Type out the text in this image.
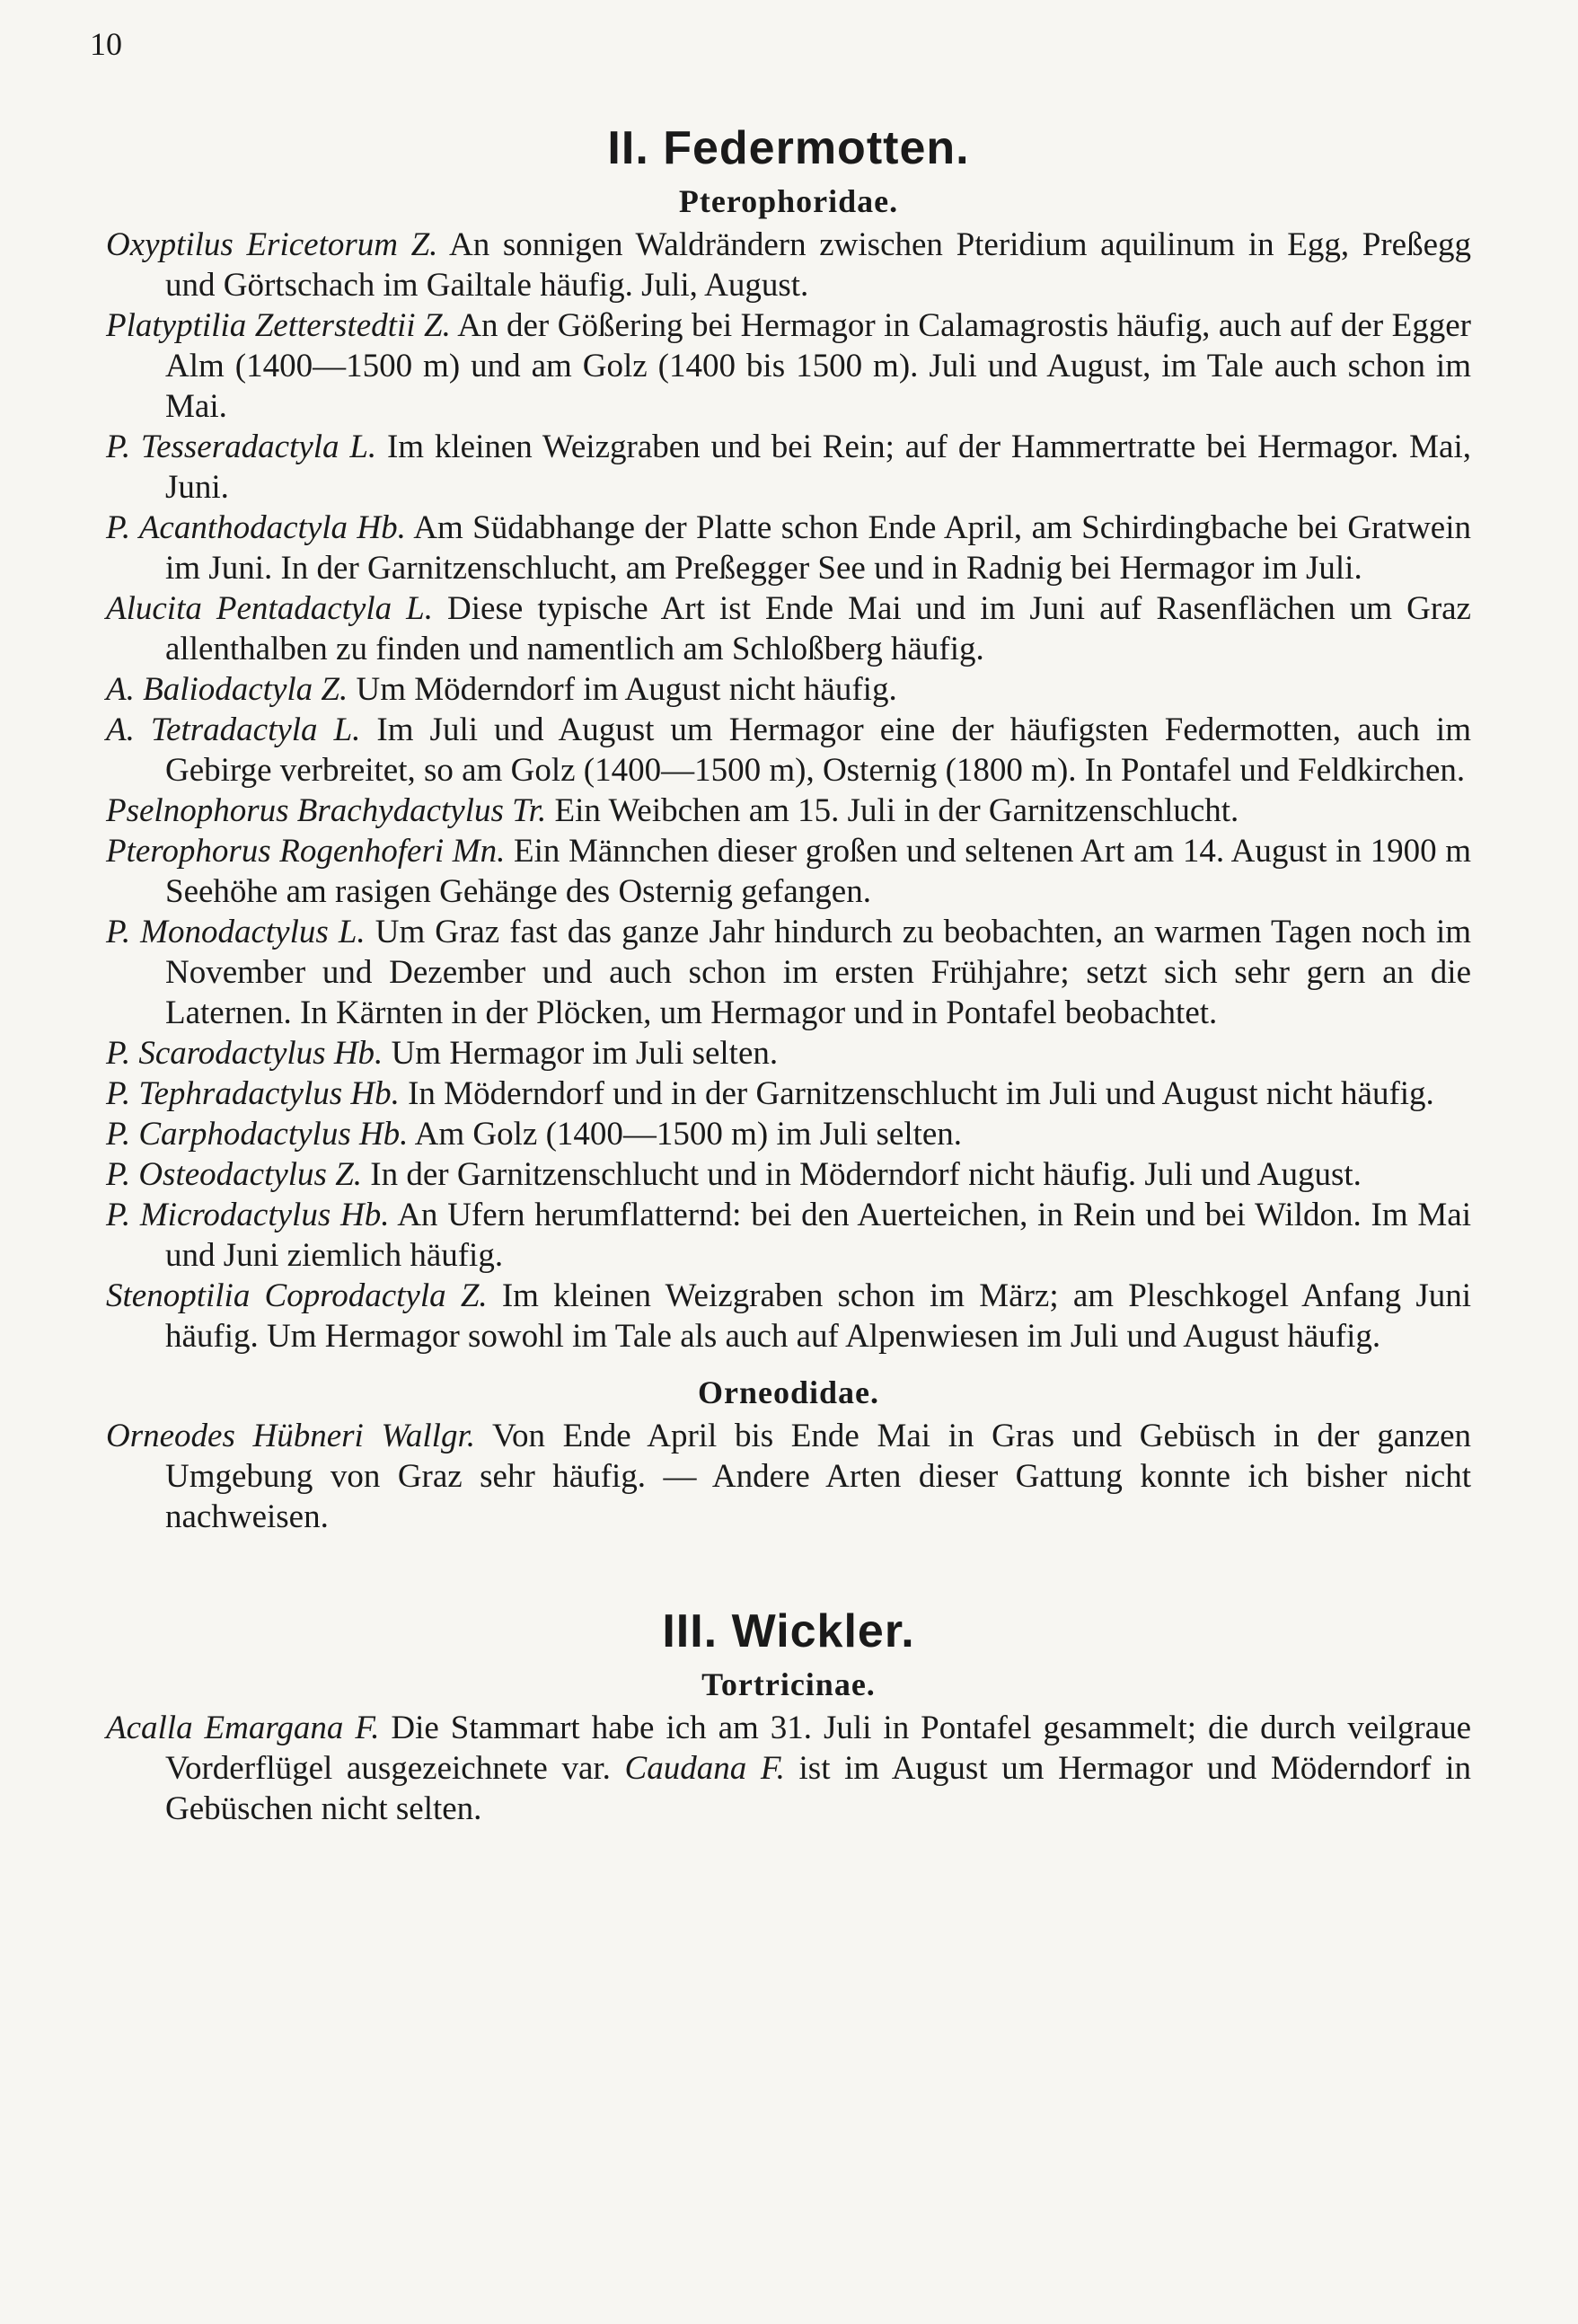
10
II. Federmotten.
Pterophoridae.

Oxyptilus Ericetorum Z. An sonnigen Waldrändern zwischen Pteridium aquilinum in Egg, Preßegg und Görtschach im Gailtale häufig. Juli, August.

Platyptilia Zetterstedtii Z. An der Gößering bei Hermagor in Calamagrostis häufig, auch auf der Egger Alm (1400—1500 m) und am Golz (1400 bis 1500 m). Juli und August, im Tale auch schon im Mai.

P. Tesseradactyla L. Im kleinen Weizgraben und bei Rein; auf der Hammertratte bei Hermagor. Mai, Juni.

P. Acanthodactyla Hb. Am Südabhange der Platte schon Ende April, am Schirdingbache bei Gratwein im Juni. In der Garnitzenschlucht, am Preßegger See und in Radnig bei Hermagor im Juli.

Alucita Pentadactyla L. Diese typische Art ist Ende Mai und im Juni auf Rasenflächen um Graz allenthalben zu finden und namentlich am Schloßberg häufig.

A. Baliodactyla Z. Um Möderndorf im August nicht häufig.

A. Tetradactyla L. Im Juli und August um Hermagor eine der häufigsten Federmotten, auch im Gebirge verbreitet, so am Golz (1400—1500 m), Osternig (1800 m). In Pontafel und Feldkirchen.

Pselnophorus Brachydactylus Tr. Ein Weibchen am 15. Juli in der Garnitzenschlucht.

Pterophorus Rogenhoferi Mn. Ein Männchen dieser großen und seltenen Art am 14. August in 1900 m Seehöhe am rasigen Gehänge des Osternig gefangen.

P. Monodactylus L. Um Graz fast das ganze Jahr hindurch zu beobachten, an warmen Tagen noch im November und Dezember und auch schon im ersten Frühjahre; setzt sich sehr gern an die Laternen. In Kärnten in der Plöcken, um Hermagor und in Pontafel beobachtet.

P. Scarodactylus Hb. Um Hermagor im Juli selten.

P. Tephradactylus Hb. In Möderndorf und in der Garnitzenschlucht im Juli und August nicht häufig.

P. Carphodactylus Hb. Am Golz (1400—1500 m) im Juli selten.

P. Osteodactylus Z. In der Garnitzenschlucht und in Möderndorf nicht häufig. Juli und August.

P. Microdactylus Hb. An Ufern herumflatternd: bei den Auerteichen, in Rein und bei Wildon. Im Mai und Juni ziemlich häufig.

Stenoptilia Coprodactyla Z. Im kleinen Weizgraben schon im März; am Pleschkogel Anfang Juni häufig. Um Hermagor sowohl im Tale als auch auf Alpenwiesen im Juli und August häufig.

Orneodidae.

Orneodes Hübneri Wallgr. Von Ende April bis Ende Mai in Gras und Gebüsch in der ganzen Umgebung von Graz sehr häufig. — Andere Arten dieser Gattung konnte ich bisher nicht nachweisen.

III. Wickler.
Tortricinae.

Acalla Emargana F. Die Stammart habe ich am 31. Juli in Pontafel gesammelt; die durch veilgraue Vorderflügel ausgezeichnete var. Caudana F. ist im August um Hermagor und Möderndorf in Gebüschen nicht selten.
